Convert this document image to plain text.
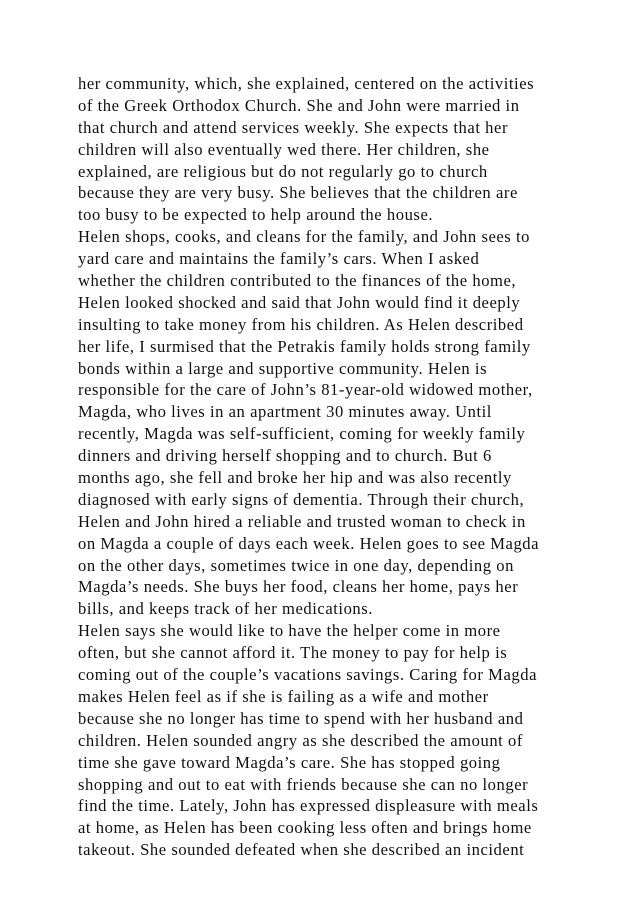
her community, which, she explained, centered on the activities
of the Greek Orthodox Church. She and John were married in
that church and attend services weekly. She expects that her
children will also eventually wed there. Her children, she
explained, are religious but do not regularly go to church
because they are very busy. She believes that the children are
too busy to be expected to help around the house.
Helen shops, cooks, and cleans for the family, and John sees to
yard care and maintains the family’s cars. When I asked
whether the children contributed to the finances of the home,
Helen looked shocked and said that John would find it deeply
insulting to take money from his children. As Helen described
her life, I surmised that the Petrakis family holds strong family
bonds within a large and supportive community. Helen is
responsible for the care of John’s 81-year-old widowed mother,
Magda, who lives in an apartment 30 minutes away. Until
recently, Magda was self-sufficient, coming for weekly family
dinners and driving herself shopping and to church. But 6
months ago, she fell and broke her hip and was also recently
diagnosed with early signs of dementia. Through their church,
Helen and John hired a reliable and trusted woman to check in
on Magda a couple of days each week. Helen goes to see Magda
on the other days, sometimes twice in one day, depending on
Magda’s needs. She buys her food, cleans her home, pays her
bills, and keeps track of her medications.
Helen says she would like to have the helper come in more
often, but she cannot afford it. The money to pay for help is
coming out of the couple’s vacations savings. Caring for Magda
makes Helen feel as if she is failing as a wife and mother
because she no longer has time to spend with her husband and
children. Helen sounded angry as she described the amount of
time she gave toward Magda’s care. She has stopped going
shopping and out to eat with friends because she can no longer
find the time. Lately, John has expressed displeasure with meals
at home, as Helen has been cooking less often and brings home
takeout. She sounded defeated when she described an incident
